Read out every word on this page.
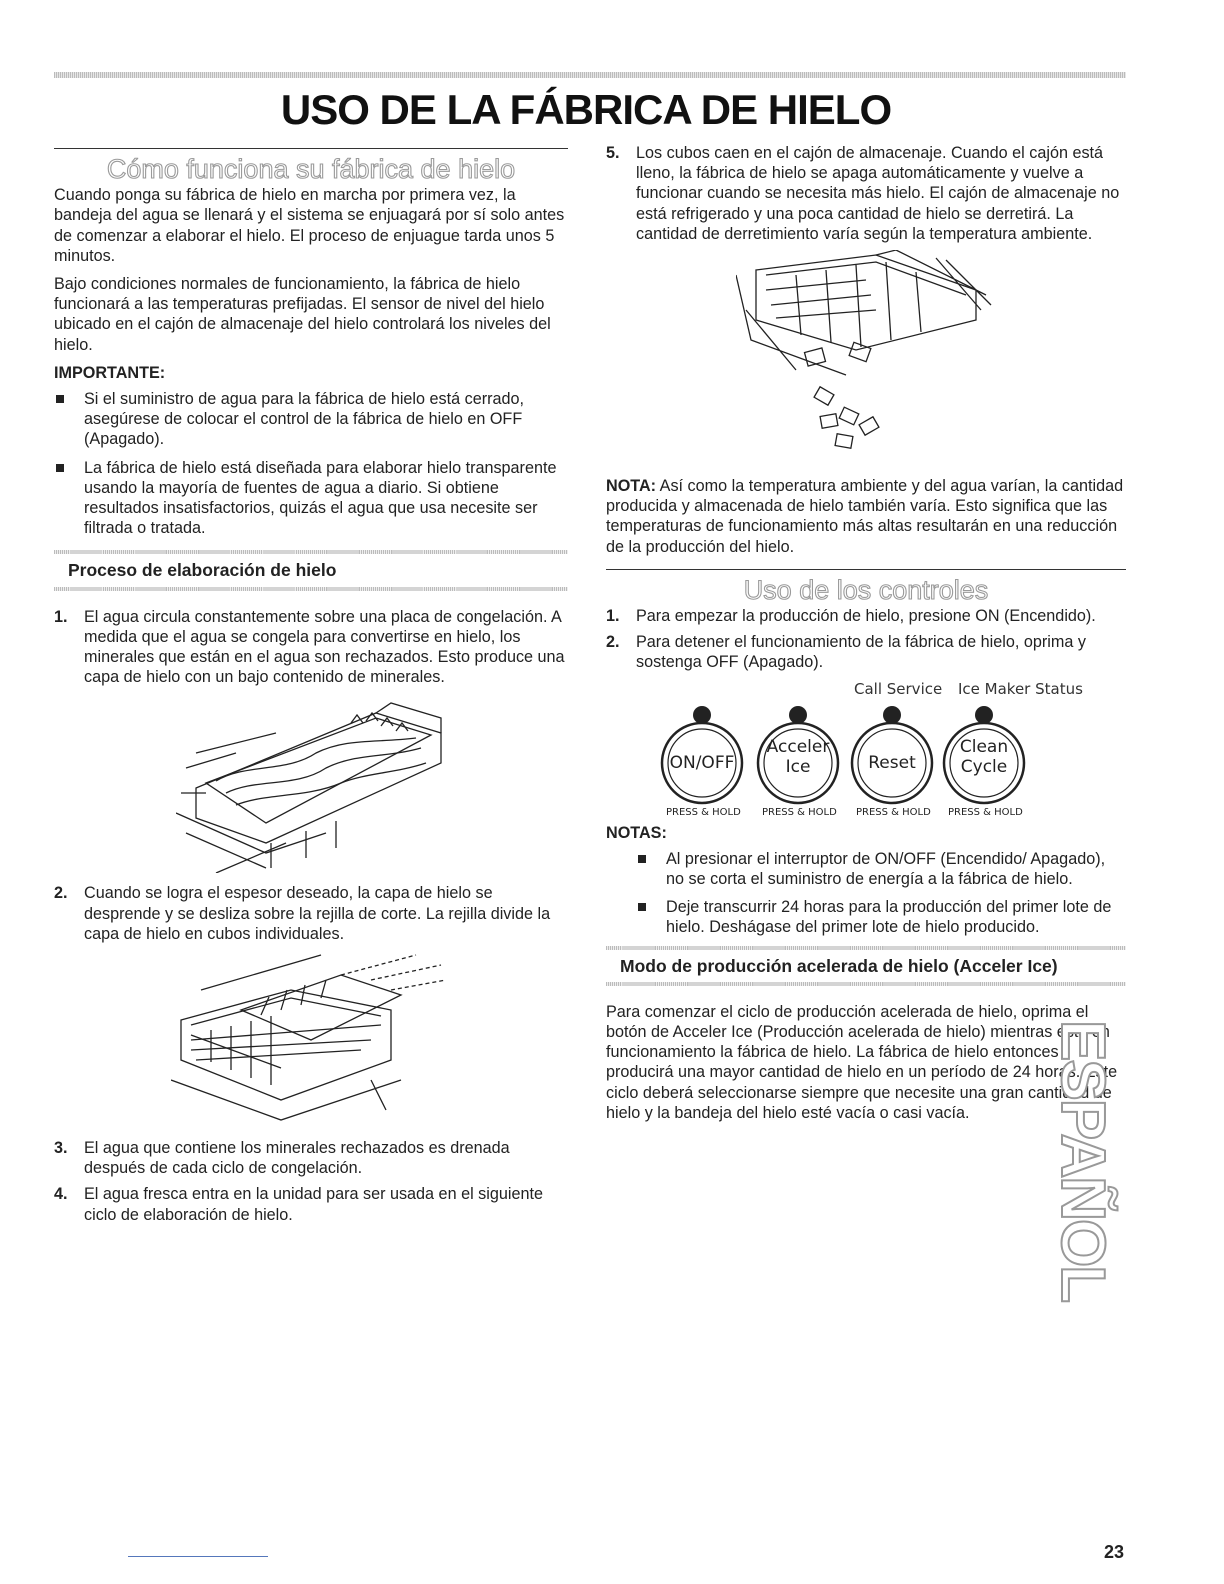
USO DE LA FÁBRICA DE HIELO
Cómo funciona su fábrica de hielo

Cuando ponga su fábrica de hielo en marcha por primera vez, la bandeja del agua se llenará y el sistema se enjuagará por sí solo antes de comenzar a elaborar el hielo. El proceso de enjuague tarda unos 5 minutos.

Bajo condiciones normales de funcionamiento, la fábrica de hielo funcionará a las temperaturas prefijadas. El sensor de nivel del hielo ubicado en el cajón de almacenaje del hielo controlará los niveles del hielo.

IMPORTANTE:
Si el suministro de agua para la fábrica de hielo está cerrado, asegúrese de colocar el control de la fábrica de hielo en OFF (Apagado).
La fábrica de hielo está diseñada para elaborar hielo transparente usando la mayoría de fuentes de agua a diario. Si obtiene resultados insatisfactorios, quizás el agua que usa necesite ser filtrada o tratada.
Proceso de elaboración de hielo
1. El agua circula constantemente sobre una placa de congelación. A medida que el agua se congela para convertirse en hielo, los minerales que están en el agua son rechazados. Esto produce una capa de hielo con un bajo contenido de minerales.
2. Cuando se logra el espesor deseado, la capa de hielo se desprende y se desliza sobre la rejilla de corte. La rejilla divide la capa de hielo en cubos individuales.
3. El agua que contiene los minerales rechazados es drenada después de cada ciclo de congelación.
4. El agua fresca entra en la unidad para ser usada en el siguiente ciclo de elaboración de hielo.
5. Los cubos caen en el cajón de almacenaje. Cuando el cajón está lleno, la fábrica de hielo se apaga automáticamente y vuelve a funcionar cuando se necesita más hielo. El cajón de almacenaje no está refrigerado y una poca cantidad de hielo se derretirá. La cantidad de derretimiento varía según la temperatura ambiente.

NOTA: Así como la temperatura ambiente y del agua varían, la cantidad producida y almacenada de hielo también varía. Esto significa que las temperaturas de funcionamiento más altas resultarán en una reducción de la producción del hielo.

Uso de los controles
1. Para empezar la producción de hielo, presione ON (Encendido).
2. Para detener el funcionamiento de la fábrica de hielo, oprima y sostenga OFF (Apagado).
Call Service Ice Maker Status
ON/OFF
Acceler
Ice	Reset
Clean
Cycle
PRESS & HOLD PRESS & HOLD PRESS & HOLD PRESS & HOLD
NOTAS:
Al presionar el interruptor de ON/OFF (Encendido/ Apagado), no se corta el suministro de energía a la fábrica de hielo.
Deje transcurrir 24 horas para la producción del primer lote de hielo. Deshágase del primer lote de hielo producido.
Modo de producción acelerada de hielo (Acceler Ice)

Para comenzar el ciclo de producción acelerada de hielo, oprima el botón de Acceler Ice (Producción acelerada de hielo) mientras está en funcionamiento la fábrica de hielo. La fábrica de hielo entonces producirá una mayor cantidad de hielo en un período de 24 horas. Este ciclo deberá seleccionarse siempre que necesite una gran cantidad de hielo y la bandeja del hielo esté vacía o casi vacía.	ESPAÑOL
23
